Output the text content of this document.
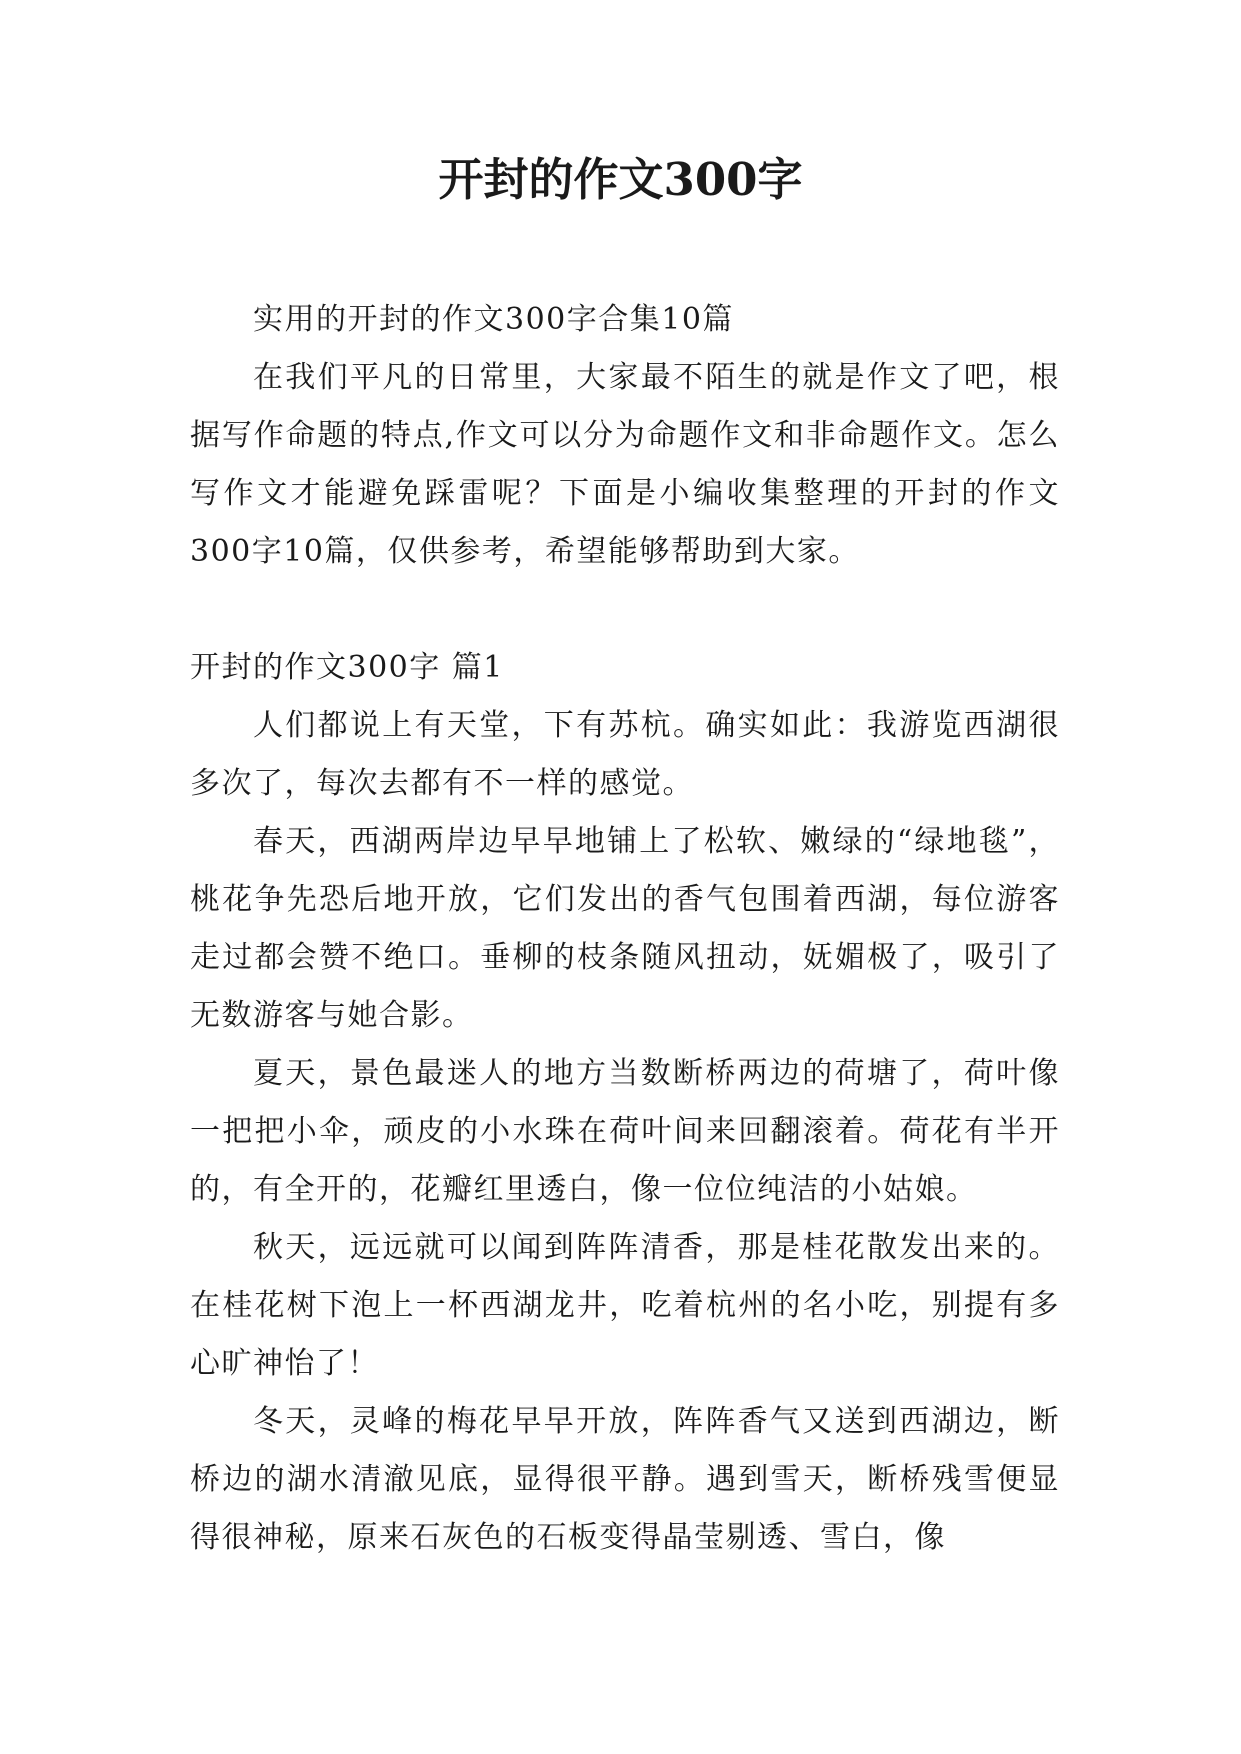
开封的作文300字

实用的开封的作文300字合集10篇

在我们平凡的日常里，大家最不陌生的就是作文了吧，根据写作命题的特点,作文可以分为命题作文和非命题作文。怎么写作文才能避免踩雷呢？下面是小编收集整理的开封的作文300字10篇，仅供参考，希望能够帮助到大家。

开封的作文300字 篇1

人们都说上有天堂，下有苏杭。确实如此：我游览西湖很多次了，每次去都有不一样的感觉。

春天，西湖两岸边早早地铺上了松软、嫩绿的“绿地毯”，桃花争先恐后地开放，它们发出的香气包围着西湖，每位游客走过都会赞不绝口。垂柳的枝条随风扭动，妩媚极了，吸引了无数游客与她合影。

夏天，景色最迷人的地方当数断桥两边的荷塘了，荷叶像一把把小伞，顽皮的小水珠在荷叶间来回翻滚着。荷花有半开的，有全开的，花瓣红里透白，像一位位纯洁的小姑娘。

秋天，远远就可以闻到阵阵清香，那是桂花散发出来的。在桂花树下泡上一杯西湖龙井，吃着杭州的名小吃，别提有多心旷神怡了！

冬天，灵峰的梅花早早开放，阵阵香气又送到西湖边，断桥边的湖水清澈见底，显得很平静。遇到雪天，断桥残雪便显得很神秘，原来石灰色的石板变得晶莹剔透、雪白，像
